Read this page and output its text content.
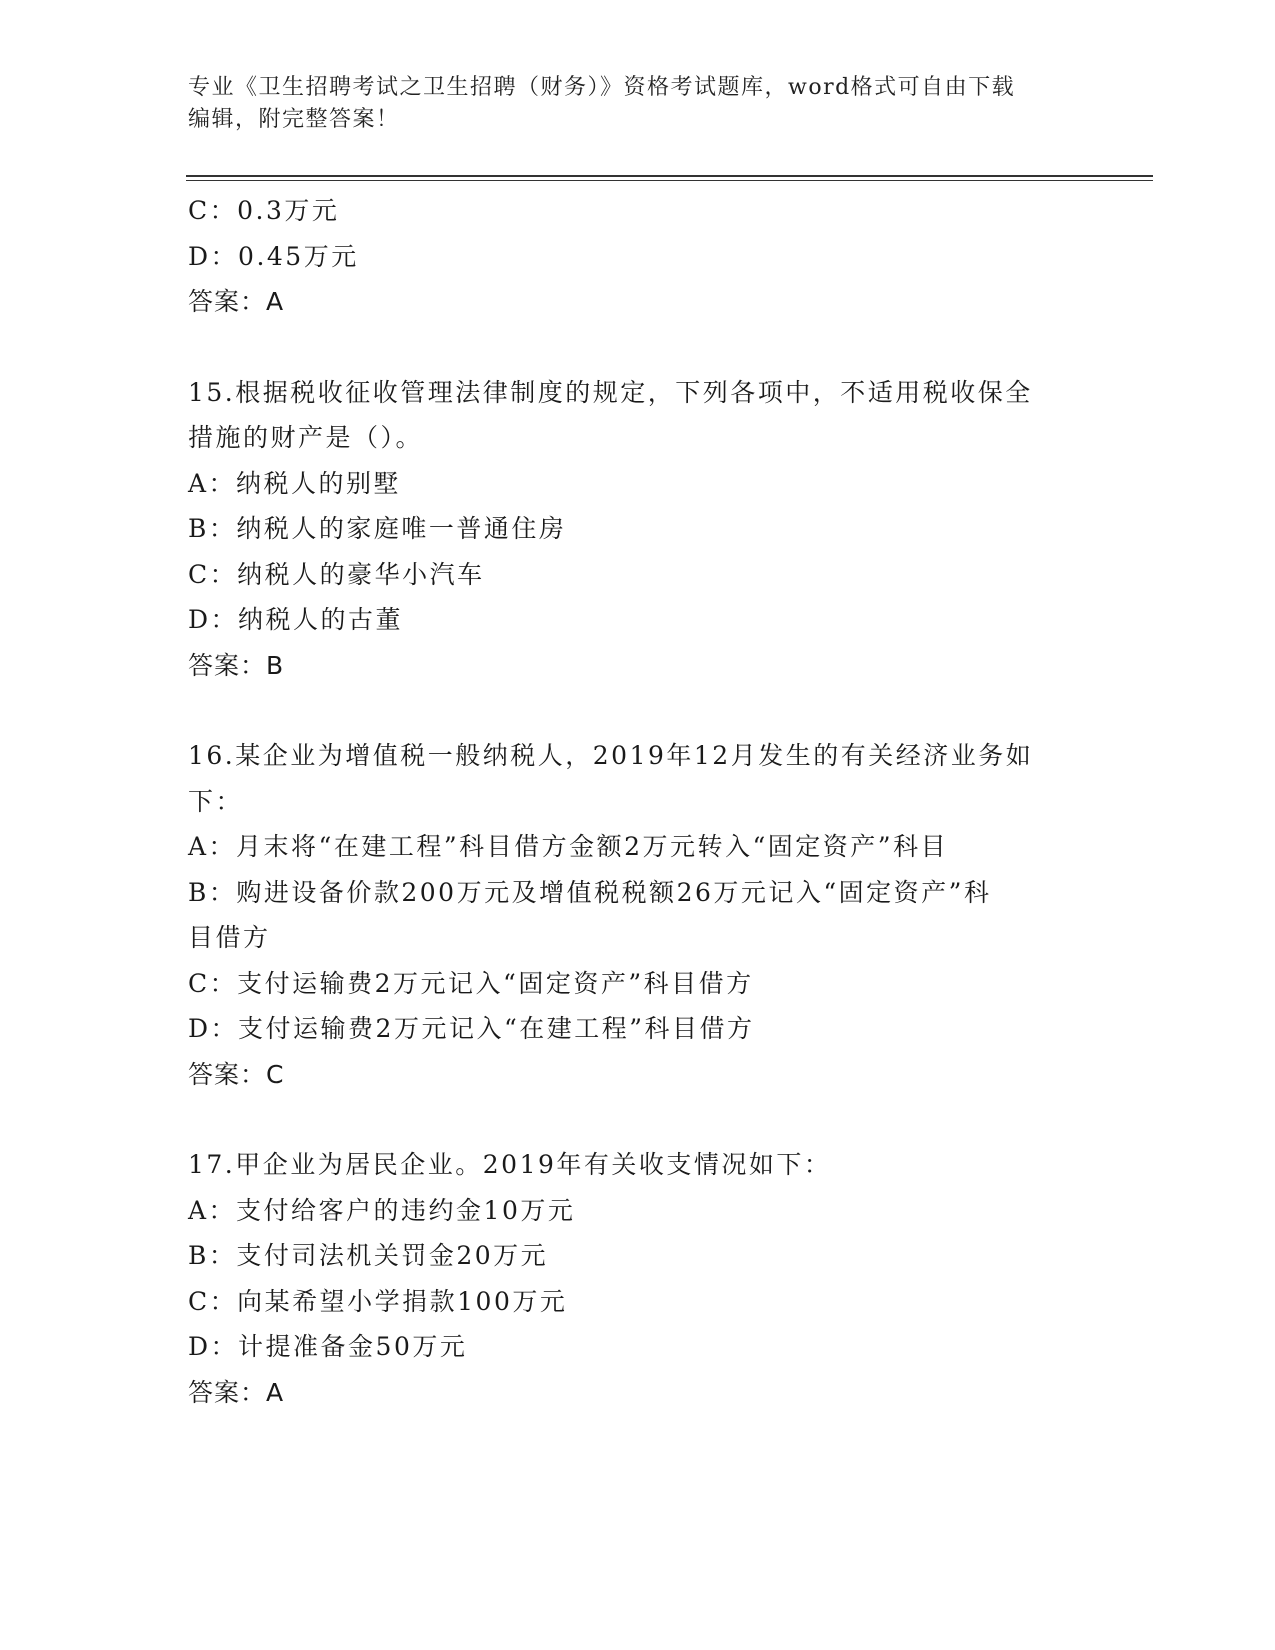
专业《卫生招聘考试之卫生招聘（财务）》资格考试题库，word格式可自由下载
编辑，附完整答案！
C：0.3万元
D：0.45万元
答案：A
15.根据税收征收管理法律制度的规定，下列各项中，不适用税收保全
措施的财产是（）。
A：纳税人的别墅
B：纳税人的家庭唯一普通住房
C：纳税人的豪华小汽车
D：纳税人的古董
答案：B
16.某企业为增值税一般纳税人，2019年12月发生的有关经济业务如
下：
A：月末将“在建工程”科目借方金额2万元转入“固定资产”科目
B：购进设备价款200万元及增值税税额26万元记入“固定资产”科
目借方
C：支付运输费2万元记入“固定资产”科目借方
D：支付运输费2万元记入“在建工程”科目借方
答案：C
17.甲企业为居民企业。2019年有关收支情况如下：
A：支付给客户的违约金10万元
B：支付司法机关罚金20万元
C：向某希望小学捐款100万元
D：计提准备金50万元
答案：A
